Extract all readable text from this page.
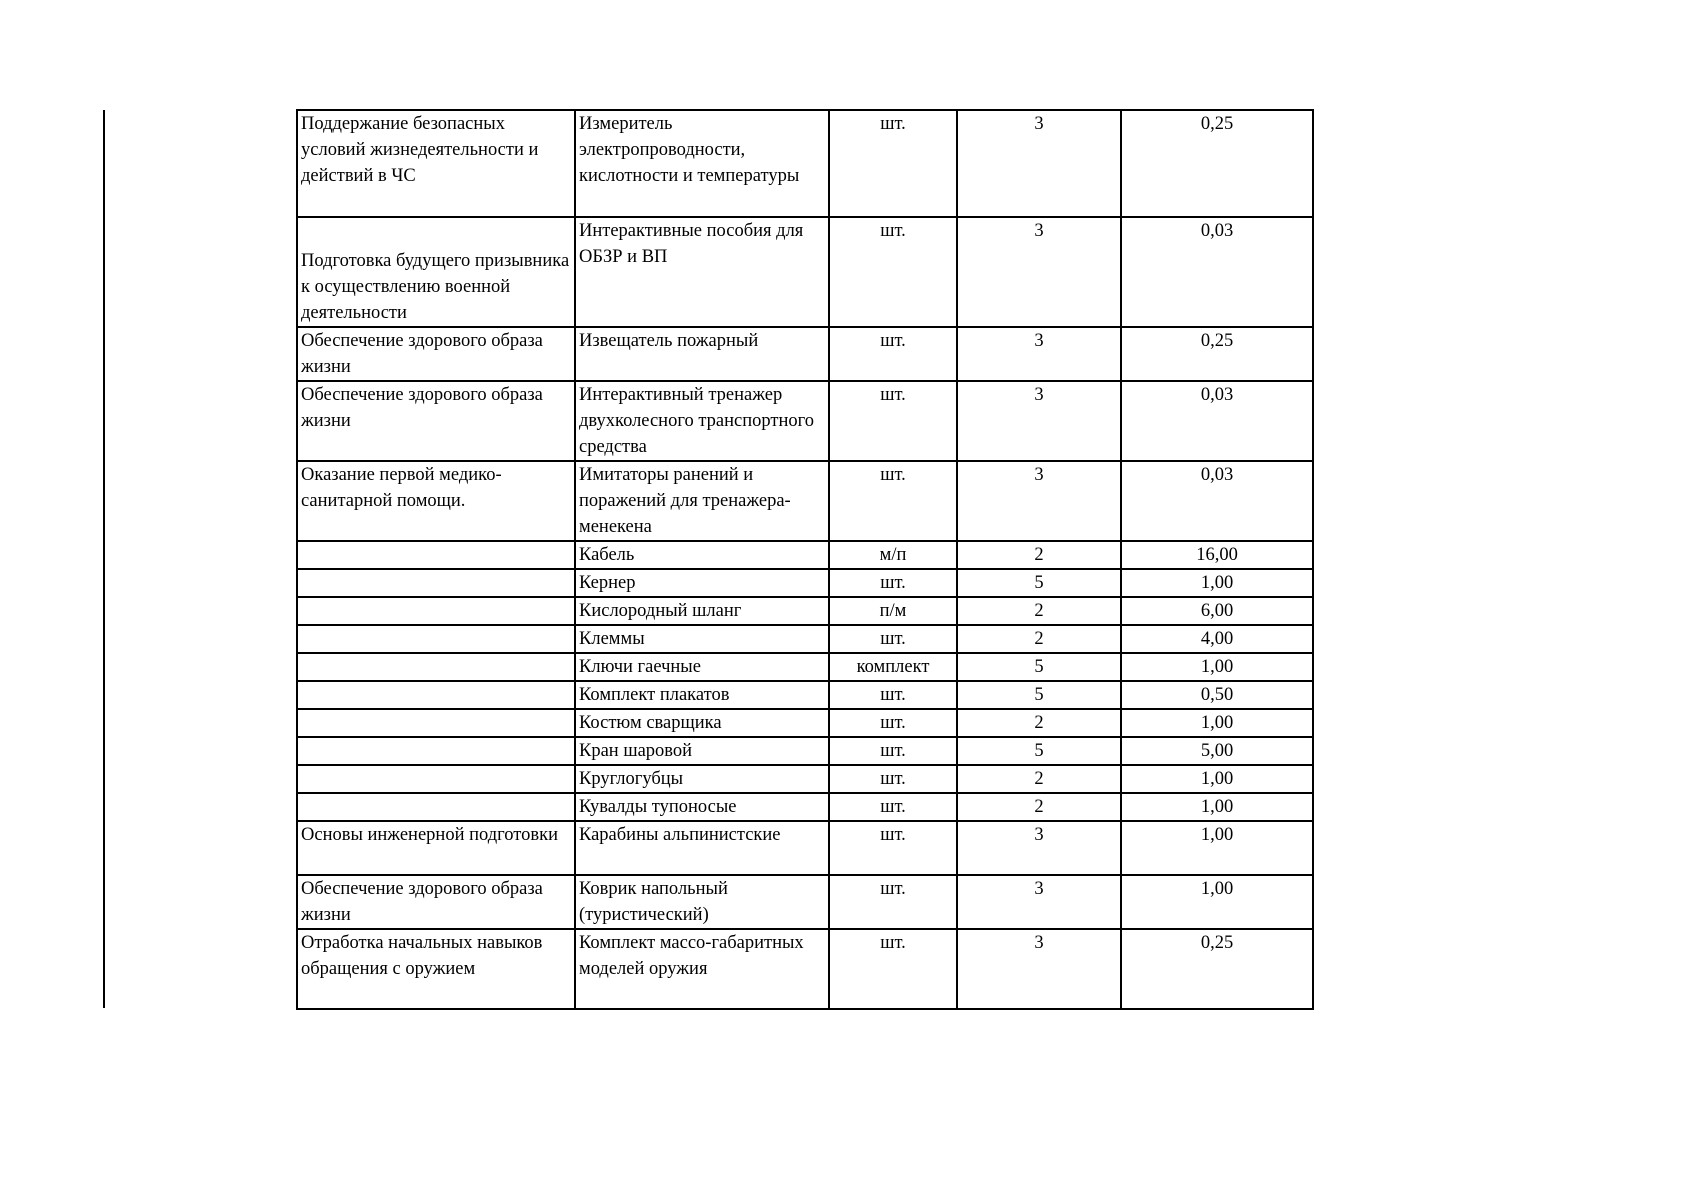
Поддержание безопасных условий жизнедеятельности и действий в ЧС	Измеритель электропроводности, кислотности и температуры	шт.	3	0,25
Подготовка будущего призывника к осуществлению военной деятельности	Интерактивные пособия для ОБЗР и ВП	шт.	3	0,03
Обеспечение здорового образа жизни	Извещатель пожарный	шт.	3	0,25
Обеспечение здорового образа жизни	Интерактивный тренажер двухколесного транспортного средства	шт.	3	0,03
Оказание первой медико-санитарной помощи.	Имитаторы ранений и поражений для тренажера-менекена	шт.	3	0,03
	Кабель	м/п	2	16,00
	Кернер	шт.	5	1,00
	Кислородный шланг	п/м	2	6,00
	Клеммы	шт.	2	4,00
	Ключи гаечные	комплект	5	1,00
	Комплект плакатов	шт.	5	0,50
	Костюм сварщика	шт.	2	1,00
	Кран шаровой	шт.	5	5,00
	Круглогубцы	шт.	2	1,00
	Кувалды тупоносые	шт.	2	1,00
Основы инженерной подготовки	Карабины альпинистские	шт.	3	1,00
Обеспечение здорового образа жизни	Коврик напольный (туристический)	шт.	3	1,00
Отработка начальных навыков обращения с оружием	Комплект массо-габаритных моделей оружия	шт.	3	0,25
